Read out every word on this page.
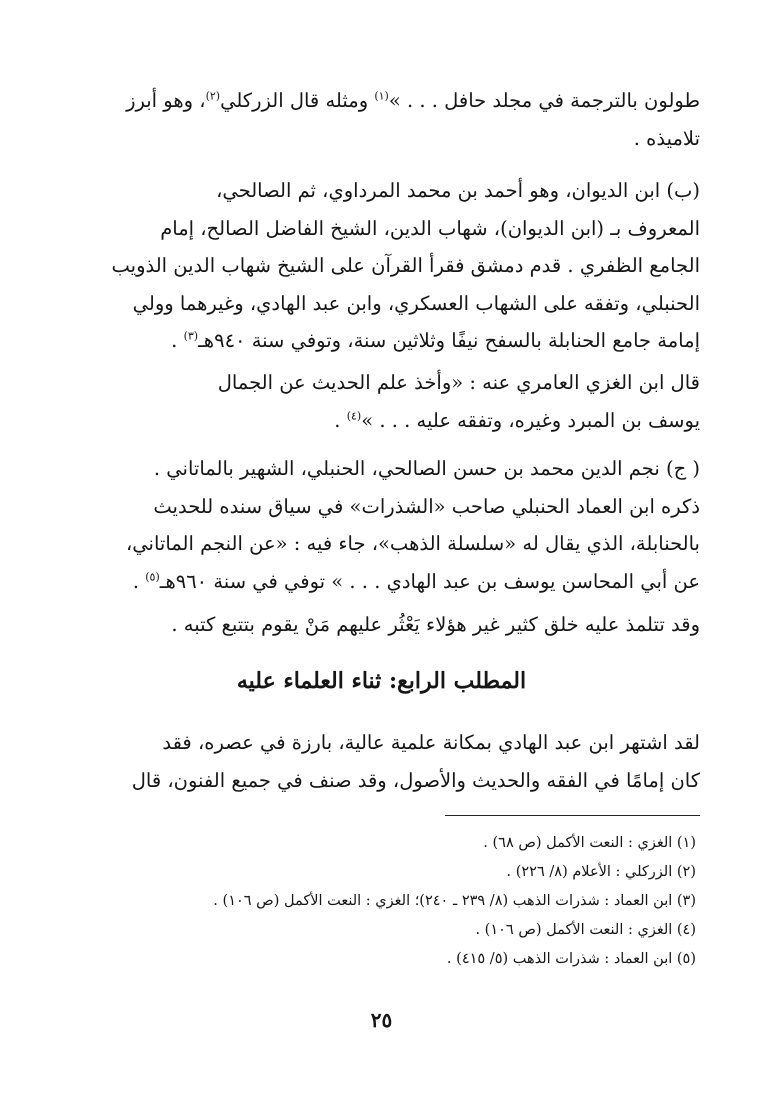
طولون بالترجمة في مجلد حافل . . . »$^{(١)}$ ومثله قال الزركلي$^{(٢)}$، وهو أبرز

تلاميذه .

(ب) ابن الديوان، وهو أحمد بن محمد المرداوي، ثم الصالحي،

المعروف بـ (ابن الديوان)، شهاب الدين، الشيخ الفاضل الصالح، إمام

الجامع الظفري . قدم دمشق فقرأ القرآن على الشيخ شهاب الدين الذويب

الحنبلي، وتفقه على الشهاب العسكري، وابن عبد الهادي، وغيرهما وولي

إمامة جامع الحنابلة بالسفح نيفًا وثلاثين سنة، وتوفي سنة ٩٤٠هـ$^{(٣)}$ .

قال ابن الغزي العامري عنه : «وأخذ علم الحديث عن الجمال

يوسف بن المبرد وغيره، وتفقه عليه . . . »$^{(٤)}$ .

( ج) نجم الدين محمد بن حسن الصالحي، الحنبلي، الشهير بالماتاني .

ذكره ابن العماد الحنبلي صاحب «الشذرات» في سياق سنده للحديث

بالحنابلة، الذي يقال له «سلسلة الذهب»، جاء فيه : «عن النجم الماتاني،

عن أبي المحاسن يوسف بن عبد الهادي . . . » توفي في سنة ٩٦٠هـ$^{(٥)}$ .

وقد تتلمذ عليه خلق كثير غير هؤلاء يَعْثُر عليهم مَنْ يقوم بتتبع كتبه .

المطلب الرابع: ثناء العلماء عليه

لقد اشتهر ابن عبد الهادي بمكانة علمية عالية، بارزة في عصره، فقد

كان إمامًا في الفقه والحديث والأصول، وقد صنف في جميع الفنون، قال

(١) الغزي : النعت الأكمل (ص ٦٨) .

(٢) الزركلي : الأعلام (٨/ ٢٢٦) .

(٣) ابن العماد : شذرات الذهب (٨/ ٢٣٩ ـ ٢٤٠)؛ الغزي : النعت الأكمل (ص ١٠٦) .

(٤) الغزي : النعت الأكمل (ص ١٠٦) .

(٥) ابن العماد : شذرات الذهب (٥/ ٤١٥) .

٢٥
